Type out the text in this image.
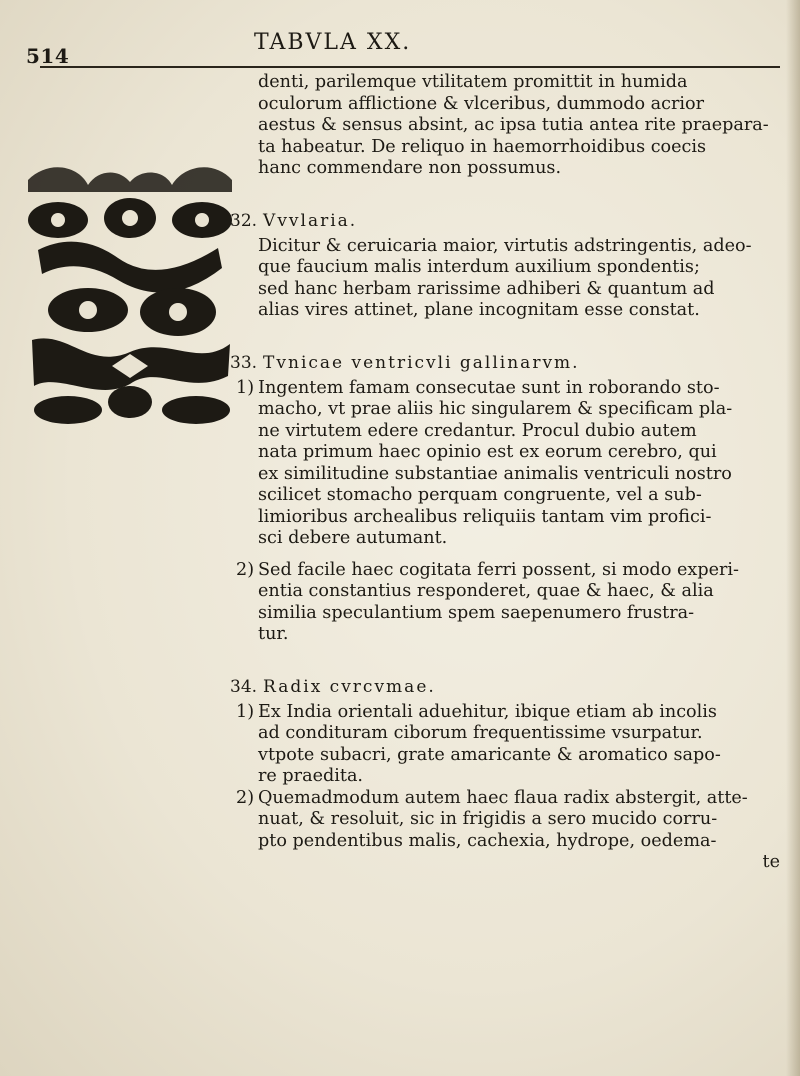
514
TABVLA XX.
denti, parilemque vtilitatem promittit in humida
oculorum afflictione & vlceribus, dummodo acrior
aestus & sensus absint, ac ipsa tutia antea rite praepara-
ta habeatur. De reliquo in haemorrhoidibus coecis
hanc commendare non possumus.
32. Vvvlaria.
Dicitur & ceruicaria maior, virtutis adstringentis, adeo-
que faucium malis interdum auxilium spondentis;
sed hanc herbam rarissime adhiberi & quantum ad
alias vires attinet, plane incognitam esse constat.
33. Tvnicae ventricvli gallinarvm.
1) Ingentem famam consecutae sunt in roborando sto-
macho, vt prae aliis hic singularem & specificam pla-
ne virtutem edere credantur. Procul dubio autem
nata primum haec opinio est ex eorum cerebro, qui
ex similitudine substantiae animalis ventriculi nostro
scilicet stomacho perquam congruente, vel a sub-
limioribus archealibus reliquiis tantam vim profici-
sci debere autumant.
2) Sed facile haec cogitata ferri possent, si modo experi-
entia constantius responderet, quae & haec, & alia
similia speculantium spem saepenumero frustra-
tur.
34. Radix cvrcvmae.
1) Ex India orientali aduehitur, ibique etiam ab incolis
ad condituram ciborum frequentissime vsurpatur.
vtpote subacri, grate amaricante & aromatico sapo-
re praedita.
2) Quemadmodum autem haec flaua radix abstergit, atte-
nuat, & resoluit, sic in frigidis a sero mucido corru-
pto pendentibus malis, cachexia, hydrope, oedema-
te
